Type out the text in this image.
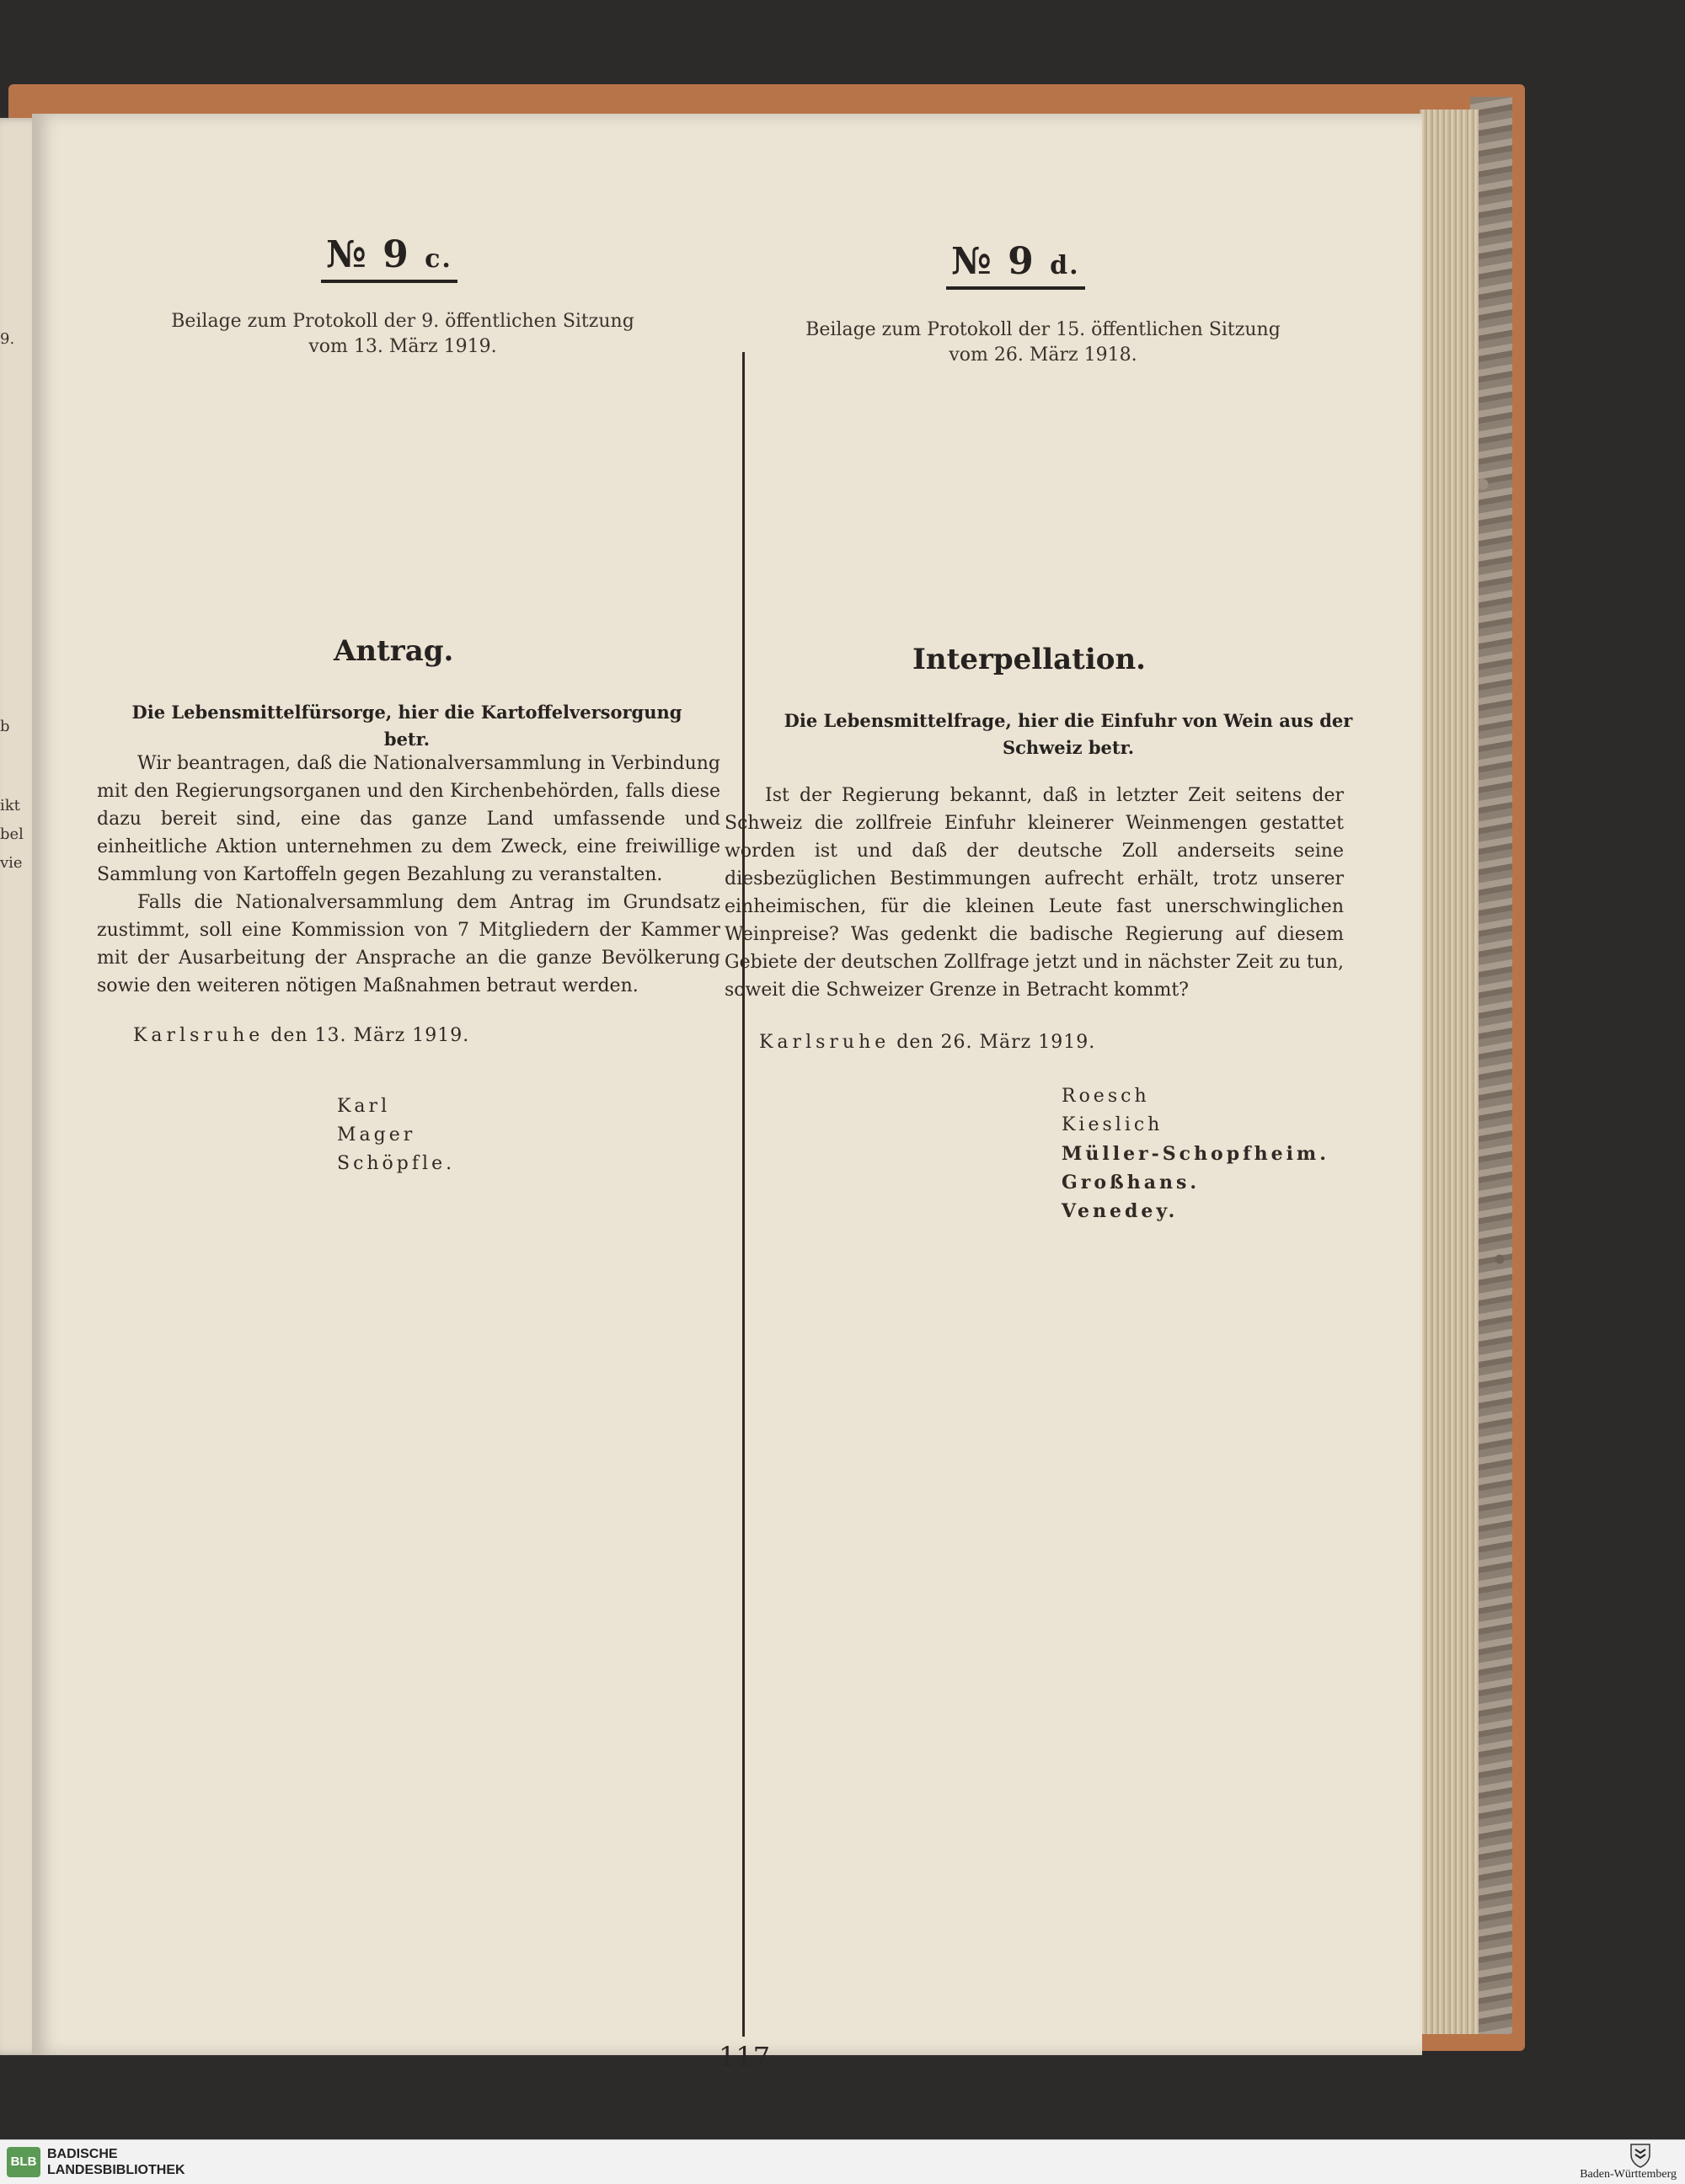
9.
b
ikt
bel
vie
№ 9 c.
Beilage zum Protokoll der 9. öffentlichen Sitzung
vom 13. März 1919.
Antrag.
Die Lebensmittelfürsorge, hier die Kartoffelversorgung betr.

Wir beantragen, daß die Nationalversammlung in Verbindung mit den Regierungsorganen und den Kirchenbehörden, falls diese dazu bereit sind, eine das ganze Land umfassende und einheitliche Aktion unternehmen zu dem Zweck, eine freiwillige Sammlung von Kartoffeln gegen Bezahlung zu veranstalten.

Falls die Nationalversammlung dem Antrag im Grundsatz zustimmt, soll eine Kommission von 7 Mitgliedern der Kammer mit der Ausarbeitung der Ansprache an die ganze Bevölkerung sowie den weiteren nötigen Maßnahmen betraut werden.

Karlsruhe den 13. März 1919.
Karl
Mager
Schöpfle.
№ 9 d.
Beilage zum Protokoll der 15. öffentlichen Sitzung
vom 26. März 1918.
Interpellation.
Die Lebensmittelfrage, hier die Einfuhr von Wein aus der Schweiz betr.

Ist der Regierung bekannt, daß in letzter Zeit seitens der Schweiz die zollfreie Einfuhr kleinerer Weinmengen gestattet worden ist und daß der deutsche Zoll anderseits seine diesbezüglichen Bestimmungen aufrecht erhält, trotz unserer einheimischen, für die kleinen Leute fast unerschwinglichen Weinpreise? Was gedenkt die badische Regierung auf diesem Gebiete der deutschen Zollfrage jetzt und in nächster Zeit zu tun, soweit die Schweizer Grenze in Betracht kommt?

Karlsruhe den 26. März 1919.
Roesch
Kieslich
Müller-Schopfheim.
Großhans.
Venedey.
117
BLB
BADISCHE
LANDESBIBLIOTHEK	Baden-Württemberg
